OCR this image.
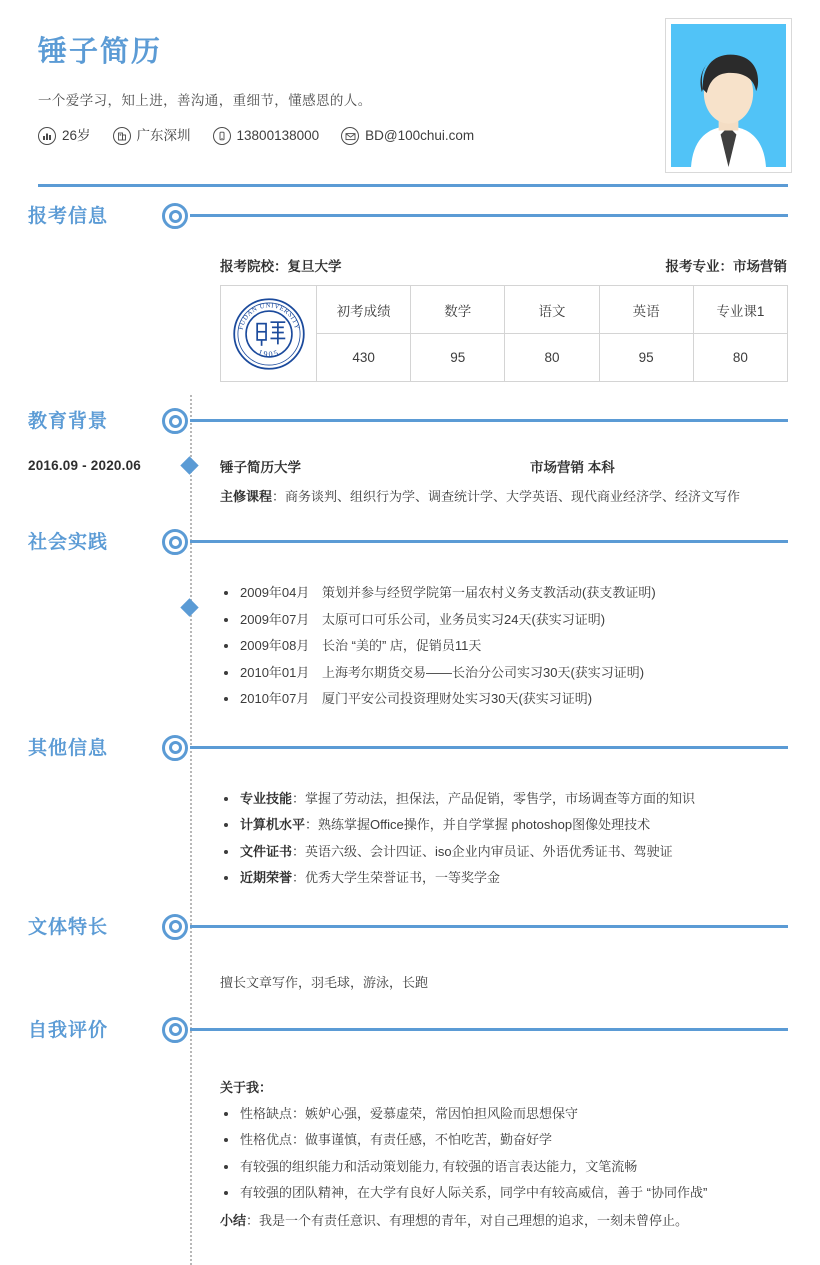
锤子简历
一个爱学习，知上进，善沟通，重细节，懂感恩的人。
26岁	广东深圳	13800138000	BD@100chui.com
报考信息
报考院校：复旦大学	报考专业：市场营销
FUDAN UNIVERSITY
1905	初考成绩	数学	语文	英语	专业课1
	430	95	80	95	80
教育背景
2016.09 - 2020.06	锤子简历大学	市场营销 本科
主修课程：商务谈判、组织行为学、调查统计学、大学英语、现代商业经济学、经济文写作
社会实践
2009年04月 策划并参与经贸学院第一届农村义务支教活动(获支教证明)
2009年07月 太原可口可乐公司，业务员实习24天(获实习证明)
2009年08月 长治 “美的” 店，促销员11天
2010年01月 上海考尔期货交易——长治分公司实习30天(获实习证明)
2010年07月 厦门平安公司投资理财处实习30天(获实习证明)
其他信息
专业技能：掌握了劳动法，担保法，产品促销，零售学，市场调查等方面的知识
计算机水平：熟练掌握Office操作，并自学掌握 photoshop图像处理技术
文件证书：英语六级、会计四证、iso企业内审员证、外语优秀证书、驾驶证
近期荣誉：优秀大学生荣誉证书，一等奖学金
文体特长
擅长文章写作，羽毛球，游泳，长跑
自我评价
关于我：
性格缺点：嫉妒心强，爱慕虚荣，常因怕担风险而思想保守
性格优点：做事谨慎，有责任感，不怕吃苦，勤奋好学
有较强的组织能力和活动策划能力, 有较强的语言表达能力，文笔流畅
有较强的团队精神，在大学有良好人际关系，同学中有较高威信，善于 “协同作战”
小结：我是一个有责任意识、有理想的青年，对自己理想的追求，一刻未曾停止。
